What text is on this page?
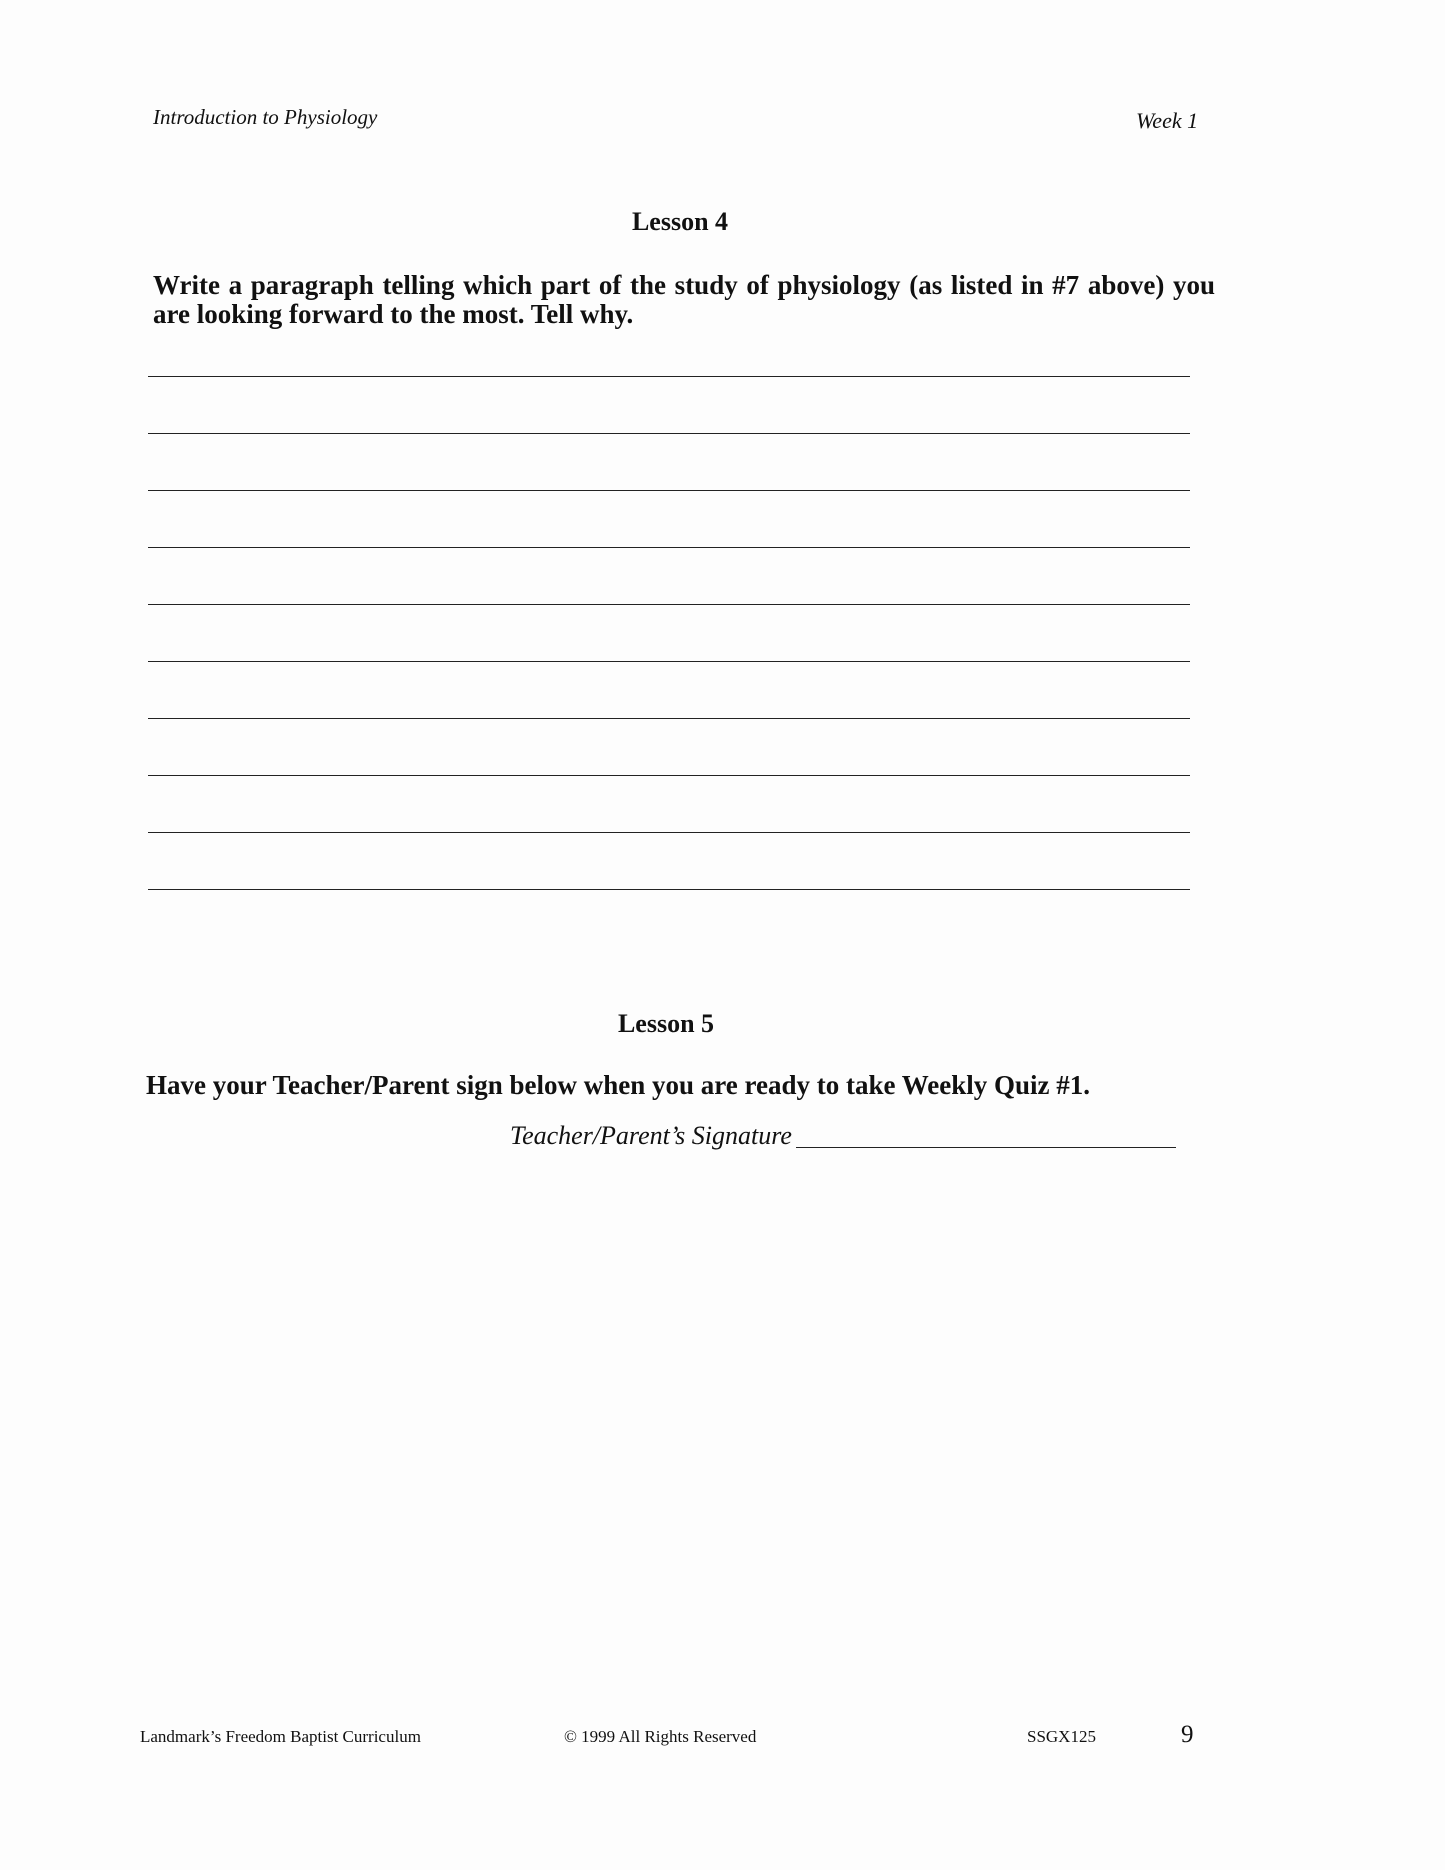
Introduction to Physiology	Week 1
Lesson 4
Write a paragraph telling which part of the study of physiology (as listed in #7 above) you are looking forward to the most. Tell why.
Lesson 5
Have your Teacher/Parent sign below when you are ready to take Weekly Quiz #1.
Teacher/Parent’s Signature
Landmark’s Freedom Baptist Curriculum	© 1999 All Rights Reserved	SSGX125	9
